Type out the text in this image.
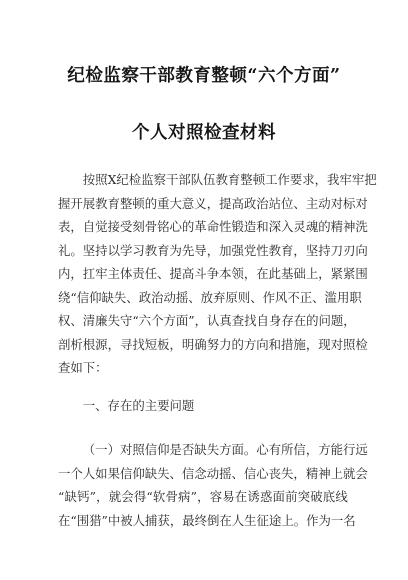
纪检监察干部教育整顿“六个方面”
个人对照检查材料

按 照 X 纪 检 监 察 干 部 队 伍 教 育 整 顿 工 作 要 求 ， 我 牢 牢 把
握 开 展 教 育 整 顿 的 重 大 意 义 ， 提 高 政 治 站 位 、 主 动 对 标 对
表 ， 自 觉 接 受 刻 骨 铭 心 的 革 命 性 锻 造 和 深 入 灵 魂 的 精 神 洗
礼 。 坚 持 以 学 习 教 育 为 先 导 ， 加 强 党 性 教 育 ， 坚 持 刀 刃 向
内 ， 扛 牢 主 体 责 任 、 提 高 斗 争 本 领 ， 在 此 基 础 上 ， 紧 紧 围
绕 “ 信 仰 缺 失 、 政 治 动 摇 、 放 弃 原 则 、 作 风 不 正 、 滥 用 职
权 、 清 廉 失 守 “ 六 个 方 面 ” ， 认 真 查 找 自 身 存 在 的 问 题 ，
剖 析 根 源 ， 寻 找 短 板 ， 明 确 努 力 的 方 向 和 措 施 ， 现 对 照 检
查如下：
　　一、存在的主要问题

（ 一 ） 对 照 信 仰 是 否 缺 失 方 面 。 心 有 所 信 ， 方 能 行 远
一 个 人 如 果 信 仰 缺 失 、 信 念 动 摇 、 信 心 丧 失 ， 精 神 上 就 会
“ 缺 钙 ” ， 就 会 得 “ 软 骨 病 ” ， 容 易 在 诱 惑 面 前 突 破 底 线
在 “ 围 猎 ” 中 被 人 捕 获 ， 最 终 倒 在 人 生 征 途 上 。 作 为 一 名
